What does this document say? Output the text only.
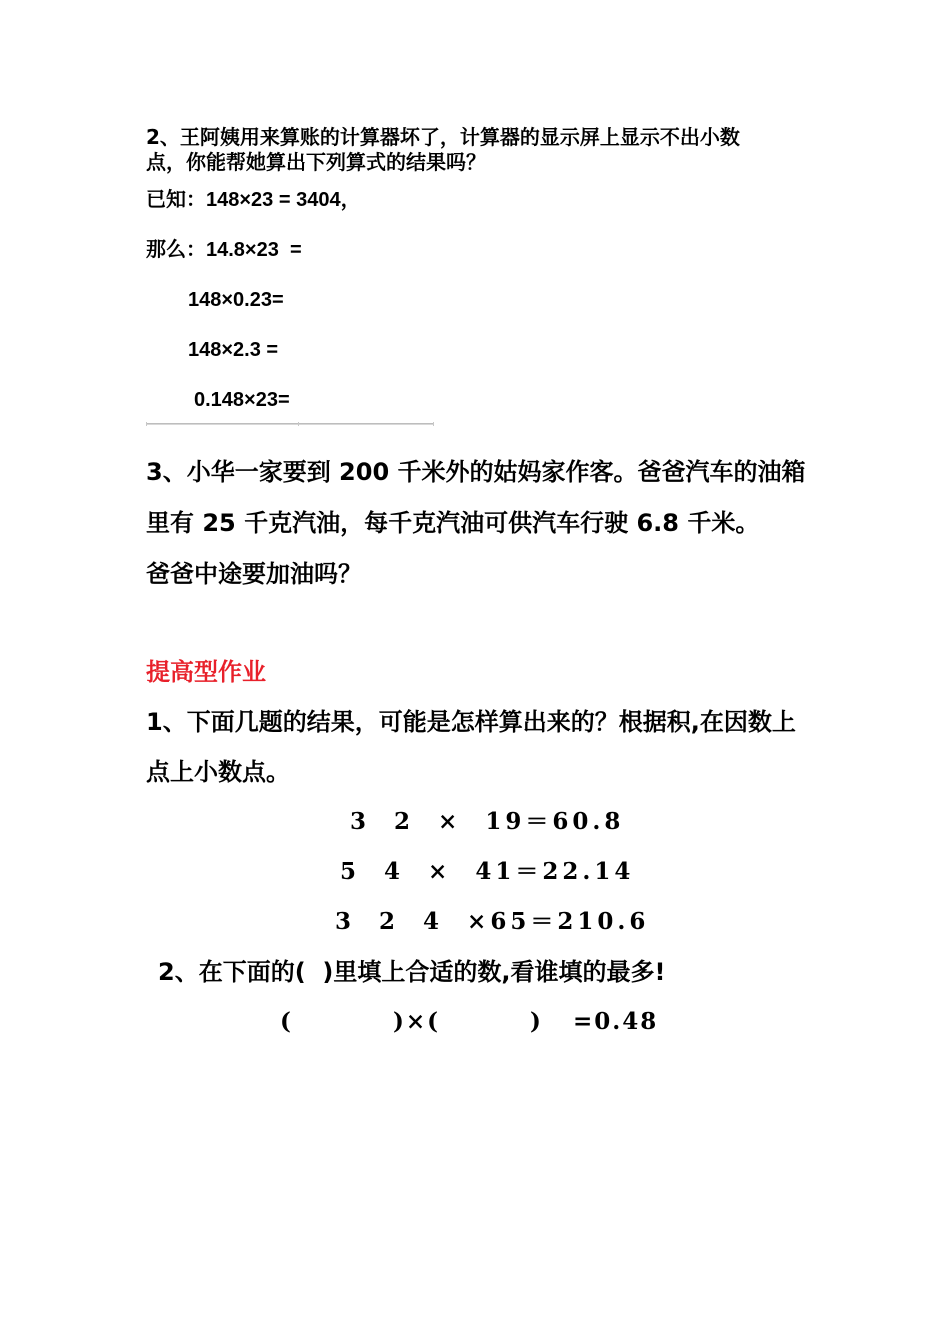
2、王阿姨用来算账的计算器坏了，计算器的显示屏上显示不出小数
点，你能帮她算出下列算式的结果吗？
已知：148×23 = 3404，
那么：14.8×23  =
148×0.23=
148×2.3 =
0.148×23=
3、小华一家要到 200 千米外的姑妈家作客。爸爸汽车的油箱
里有 25 千克汽油，每千克汽油可供汽车行驶 6.8 千米。
爸爸中途要加油吗？
提高型作业
1、下面几题的结果，可能是怎样算出来的？根据积,在因数上
点上小数点。
3  2  ×  19＝60.8
5  4  ×  41＝22.14
3  2  4  ×65＝210.6
2、在下面的(  )里填上合适的数,看谁填的最多!
(          )×(         )   =0.48
